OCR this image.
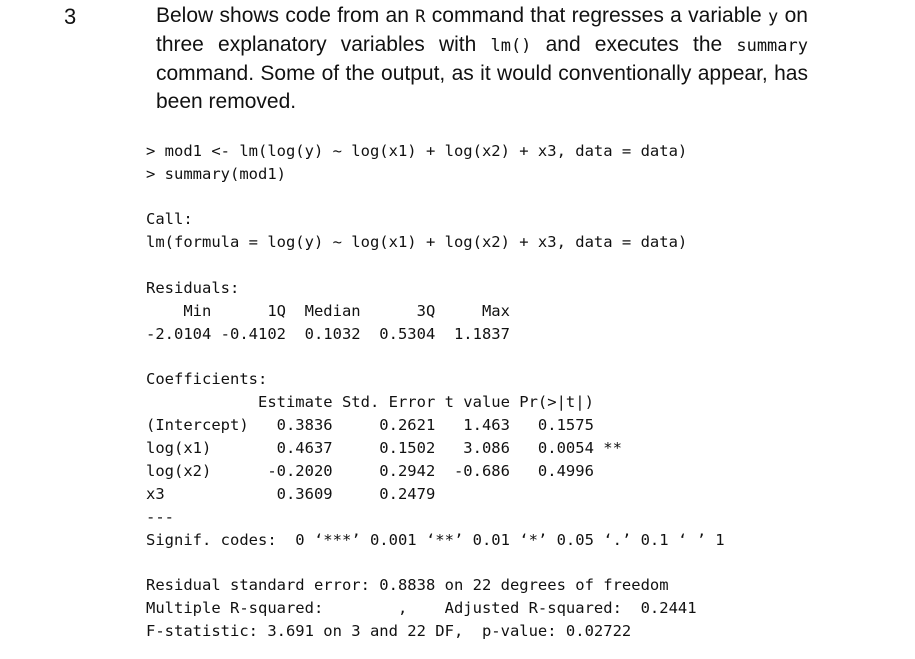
3	Below shows code from an R command that regresses a variable y on three explanatory variables with lm() and executes the summary command. Some of the output, as it would conventionally appear, has been removed.
> mod1 <- lm(log(y) ~ log(x1) + log(x2) + x3, data = data)
> summary(mod1)
Call:
lm(formula = log(y) ~ log(x1) + log(x2) + x3, data = data)
Residuals:
Min      1Q  Median      3Q     Max
-2.0104 -0.4102  0.1032  0.5304  1.1837
Coefficients:
Estimate Std. Error t value Pr(>|t|)
(Intercept)   0.3836     0.2621   1.463   0.1575
log(x1)       0.4637     0.1502   3.086   0.0054 **
log(x2)      -0.2020     0.2942  -0.686   0.4996
x3            0.3609     0.2479
---
Signif. codes:  0 ‘***’ 0.001 ‘**’ 0.01 ‘*’ 0.05 ‘.’ 0.1 ‘ ’ 1
Residual standard error: 0.8838 on 22 degrees of freedom
Multiple R-squared:        ,    Adjusted R-squared:  0.2441
F-statistic: 3.691 on 3 and 22 DF,  p-value: 0.02722
